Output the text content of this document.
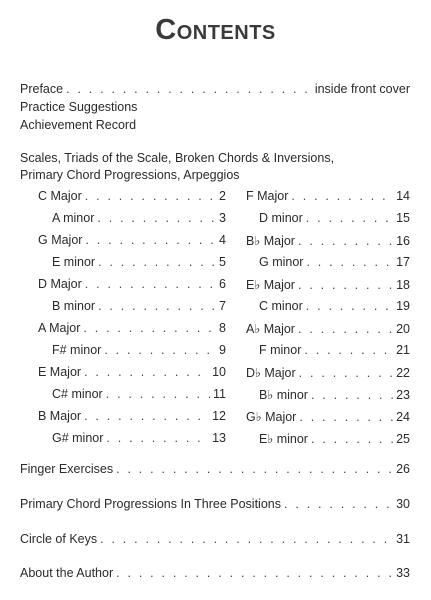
Contents
Preface . . .	inside front cover
Practice Suggestions
Achievement Record
Scales, Triads of the Scale, Broken Chords & Inversions,
Primary Chord Progressions, Arpeggios
C Major . . .	2
A minor . . .	3
G Major . . .	4
E minor . . .	5
D Major . . .	6
B minor . . .	7
A Major . . .	8
F# minor . . .	9
E Major . . .	10
C# minor . . .	11
B Major . . .	12
G# minor . . .	13
F Major . . .	14
D minor . . .	15
B♭ Major . . .	16
G minor . . .	17
E♭ Major . . .	18
C minor . . .	19
A♭ Major . . .	20
F minor . . .	21
D♭ Major . . .	22
B♭ minor . . .	23
G♭ Major . . .	24
E♭ minor . . .	25
Finger Exercises . . .	26
Primary Chord Progressions In Three Positions . . .	30
Circle of Keys . . .	31
About the Author . . .	33
